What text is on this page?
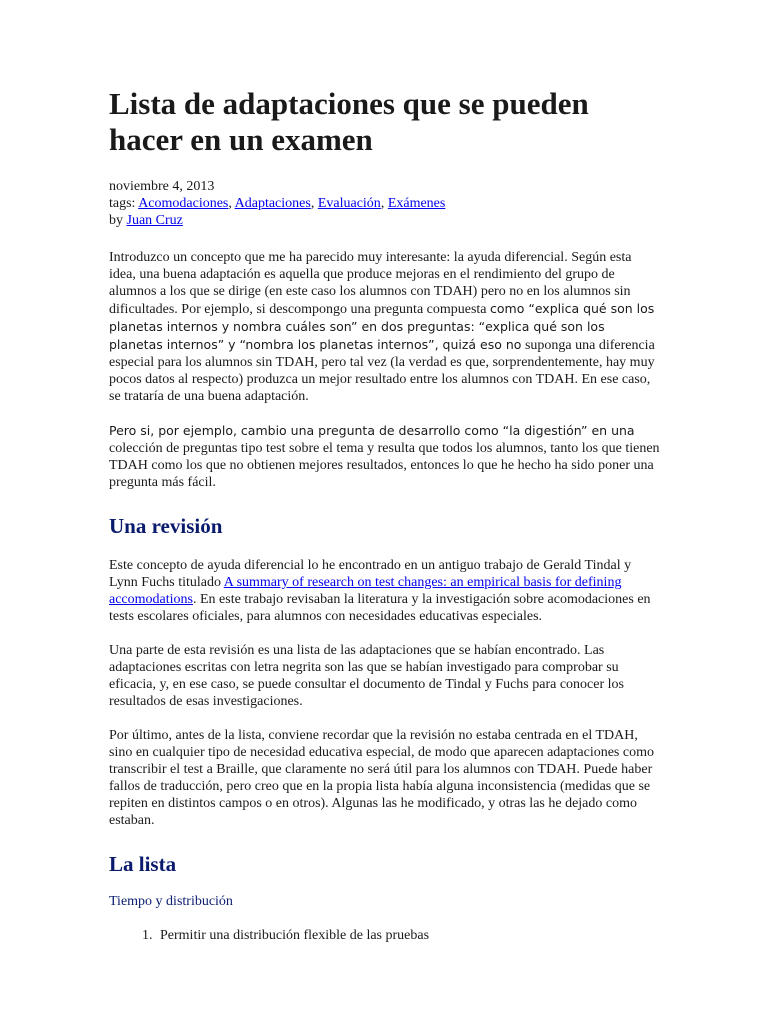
Lista de adaptaciones que se pueden hacer en un examen
noviembre 4, 2013
tags: Acomodaciones, Adaptaciones, Evaluación, Exámenes
by Juan Cruz

Introduzco un concepto que me ha parecido muy interesante: la ayuda diferencial. Según esta idea, una buena adaptación es aquella que produce mejoras en el rendimiento del grupo de alumnos a los que se dirige (en este caso los alumnos con TDAH) pero no en los alumnos sin dificultades. Por ejemplo, si descompongo una pregunta compuesta como “explica qué son los planetas internos y nombra cuáles son” en dos preguntas: “explica qué son los planetas internos” y “nombra los planetas internos”, quizá eso no suponga una diferencia especial para los alumnos sin TDAH, pero tal vez (la verdad es que, sorprendentemente, hay muy pocos datos al respecto) produzca un mejor resultado entre los alumnos con TDAH. En ese caso, se trataría de una buena adaptación.

Pero si, por ejemplo, cambio una pregunta de desarrollo como “la digestión” en una colección de preguntas tipo test sobre el tema y resulta que todos los alumnos, tanto los que tienen TDAH como los que no obtienen mejores resultados, entonces lo que he hecho ha sido poner una pregunta más fácil.

Una revisión

Este concepto de ayuda diferencial lo he encontrado en un antiguo trabajo de Gerald Tindal y Lynn Fuchs titulado A summary of research on test changes: an empirical basis for defining accomodations. En este trabajo revisaban la literatura y la investigación sobre acomodaciones en tests escolares oficiales, para alumnos con necesidades educativas especiales.

Una parte de esta revisión es una lista de las adaptaciones que se habían encontrado. Las adaptaciones escritas con letra negrita son las que se habían investigado para comprobar su eficacia, y, en ese caso, se puede consultar el documento de Tindal y Fuchs para conocer los resultados de esas investigaciones.

Por último, antes de la lista, conviene recordar que la revisión no estaba centrada en el TDAH, sino en cualquier tipo de necesidad educativa especial, de modo que aparecen adaptaciones como transcribir el test a Braille, que claramente no será útil para los alumnos con TDAH. Puede haber fallos de traducción, pero creo que en la propia lista había alguna inconsistencia (medidas que se repiten en distintos campos o en otros). Algunas las he modificado, y otras las he dejado como estaban.

La lista
Tiempo y distribución
1. Permitir una distribución flexible de las pruebas
